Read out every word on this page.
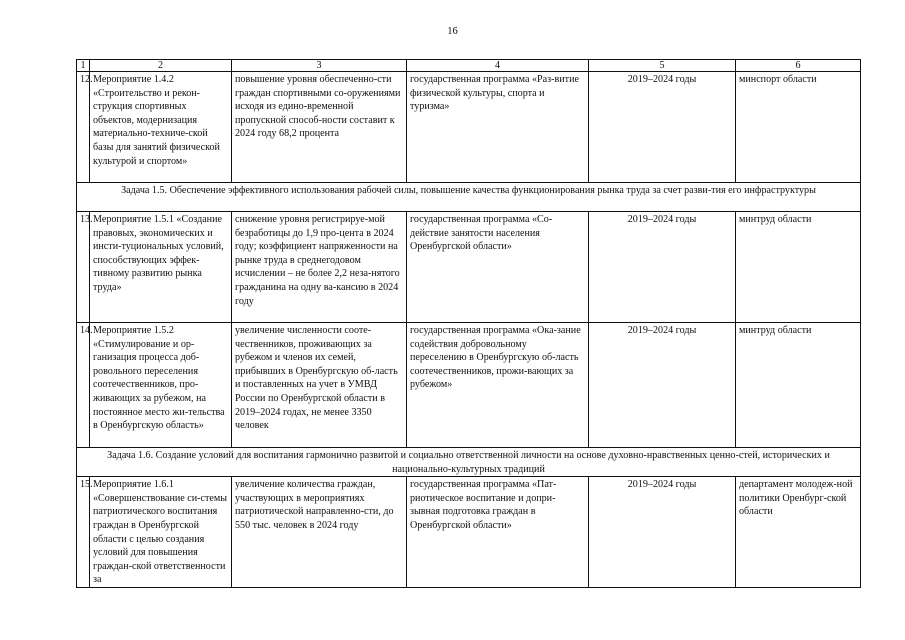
16
1	2	3	4	5	6
12.	Мероприятие 1.4.2 «Строительство и рекон-струкция спортивных объектов, модернизация материально-техниче-ской базы для занятий физической культурой и спортом»	повышение уровня обеспеченно-сти граждан спортивными со-оружениями исходя из едино-временной пропускной способ-ности составит к 2024 году 68,2 процента	государственная программа «Раз-витие физической культуры, спорта и туризма»	2019–2024 годы	минспорт области
Задача 1.5. Обеспечение эффективного использования рабочей силы, повышение качества функционирования рынка труда за счет разви-тия его инфраструктуры					
13.	Мероприятие 1.5.1 «Создание правовых, экономических и инсти-туциональных условий, способствующих эффек-тивному развитию рынка труда»	снижение уровня регистрируе-мой безработицы до 1,9 про-цента в 2024 году; коэффициент напряженности на рынке труда в среднегодовом исчислении – не более 2,2 неза-нятого гражданина на одну ва-кансию в 2024 году	государственная программа «Со-действие занятости населения Оренбургской области»	2019–2024 годы	минтруд области
14.	Мероприятие 1.5.2 «Стимулирование и ор-ганизация процесса доб-ровольного переселения соотечественников, про-живающих за рубежом, на постоянное место жи-тельства в Оренбургскую область»	увеличение численности сооте-чественников, проживающих за рубежом и членов их семей, прибывших в Оренбургскую об-ласть и поставленных на учет в УМВД России по Оренбургской области в 2019–2024 годах, не менее 3350 человек	государственная программа «Ока-зание содействия добровольному переселению в Оренбургскую об-ласть соотечественников, прожи-вающих за рубежом»	2019–2024 годы	минтруд области
Задача 1.6. Создание условий для воспитания гармонично развитой и социально ответственной личности на основе духовно-нравственных ценно-стей, исторических и национально-культурных традиций					
15.	Мероприятие 1.6.1 «Совершенствование си-стемы патриотического воспитания граждан в Оренбургской области с целью создания условий для повышения граждан-ской ответственности за	увеличение количества граждан, участвующих в мероприятиях патриотической направленно-сти, до 550 тыс. человек в 2024 году	государственная программа «Пат-риотическое воспитание и допри-зывная подготовка граждан в Оренбургской области»	2019–2024 годы	департамент молодеж-ной политики Оренбург-ской области
